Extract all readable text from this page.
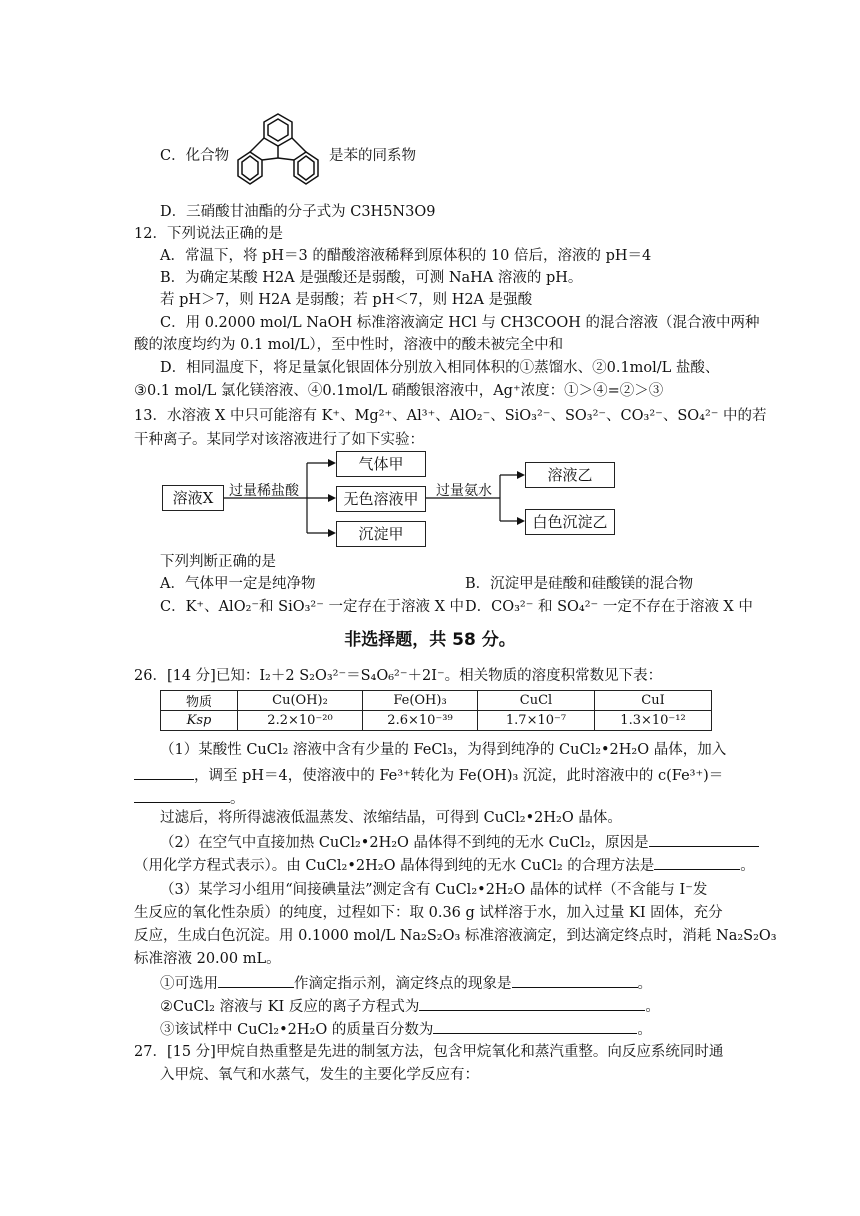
C．化合物	是苯的同系物
D．三硝酸甘油酯的分子式为 C3H5N3O9
12．下列说法正确的是
A．常温下，将 pH＝3 的醋酸溶液稀释到原体积的 10 倍后，溶液的 pH＝4
B．为确定某酸 H2A 是强酸还是弱酸，可测 NaHA 溶液的 pH。
若 pH＞7，则 H2A 是弱酸；若 pH＜7，则 H2A 是强酸
C．用 0.2000 mol/L NaOH 标准溶液滴定 HCl 与 CH3COOH 的混合溶液（混合液中两种
酸的浓度均约为 0.1 mol/L），至中性时，溶液中的酸未被完全中和
D．相同温度下，将足量氯化银固体分别放入相同体积的①蒸馏水、②0.1mol/L 盐酸、
③0.1 mol/L 氯化镁溶液、④0.1mol/L 硝酸银溶液中，Ag⁺浓度：①＞④=②＞③
13．水溶液 X 中只可能溶有 K⁺、Mg²⁺、Al³⁺、AlO₂⁻、SiO₃²⁻、SO₃²⁻、CO₃²⁻、SO₄²⁻ 中的若
干种离子。某同学对该溶液进行了如下实验：
溶液X	过量稀盐酸
气体甲
无色溶液甲
沉淀甲
过量氨水
溶液乙
白色沉淀乙
下列判断正确的是
A．气体甲一定是纯净物	B．沉淀甲是硅酸和硅酸镁的混合物
C．K⁺、AlO₂⁻和 SiO₃²⁻ 一定存在于溶液 X 中 D．CO₃²⁻ 和 SO₄²⁻ 一定不存在于溶液 X 中
非选择题，共 58 分。
26．[14 分]已知：I₂＋2 S₂O₃²⁻＝S₄O₆²⁻＋2I⁻。相关物质的溶度积常数见下表：
物质	Cu(OH)₂	Fe(OH)₃	CuCl	CuI
Ksp	2.2×10⁻²⁰	2.6×10⁻³⁹	1.7×10⁻⁷	1.3×10⁻¹²
（1）某酸性 CuCl₂ 溶液中含有少量的 FeCl₃，为得到纯净的 CuCl₂•2H₂O 晶体，加入
，调至 pH＝4，使溶液中的 Fe³⁺转化为 Fe(OH)₃ 沉淀，此时溶液中的 c(Fe³⁺)＝
。
过滤后，将所得滤液低温蒸发、浓缩结晶，可得到 CuCl₂•2H₂O 晶体。
（2）在空气中直接加热 CuCl₂•2H₂O 晶体得不到纯的无水 CuCl₂，原因是
（用化学方程式表示）。由 CuCl₂•2H₂O 晶体得到纯的无水 CuCl₂ 的合理方法是	。
（3）某学习小组用“间接碘量法”测定含有 CuCl₂•2H₂O 晶体的试样（不含能与 I⁻发
生反应的氧化性杂质）的纯度，过程如下：取 0.36 g 试样溶于水，加入过量 KI 固体，充分
反应，生成白色沉淀。用 0.1000 mol/L Na₂S₂O₃ 标准溶液滴定，到达滴定终点时，消耗 Na₂S₂O₃
标准溶液 20.00 mL。
①可选用	作滴定指示剂，滴定终点的现象是	。
②CuCl₂ 溶液与 KI 反应的离子方程式为	。
③该试样中 CuCl₂•2H₂O 的质量百分数为	。
27．[15 分]甲烷自热重整是先进的制氢方法，包含甲烷氧化和蒸汽重整。向反应系统同时通
入甲烷、氧气和水蒸气，发生的主要化学反应有：
